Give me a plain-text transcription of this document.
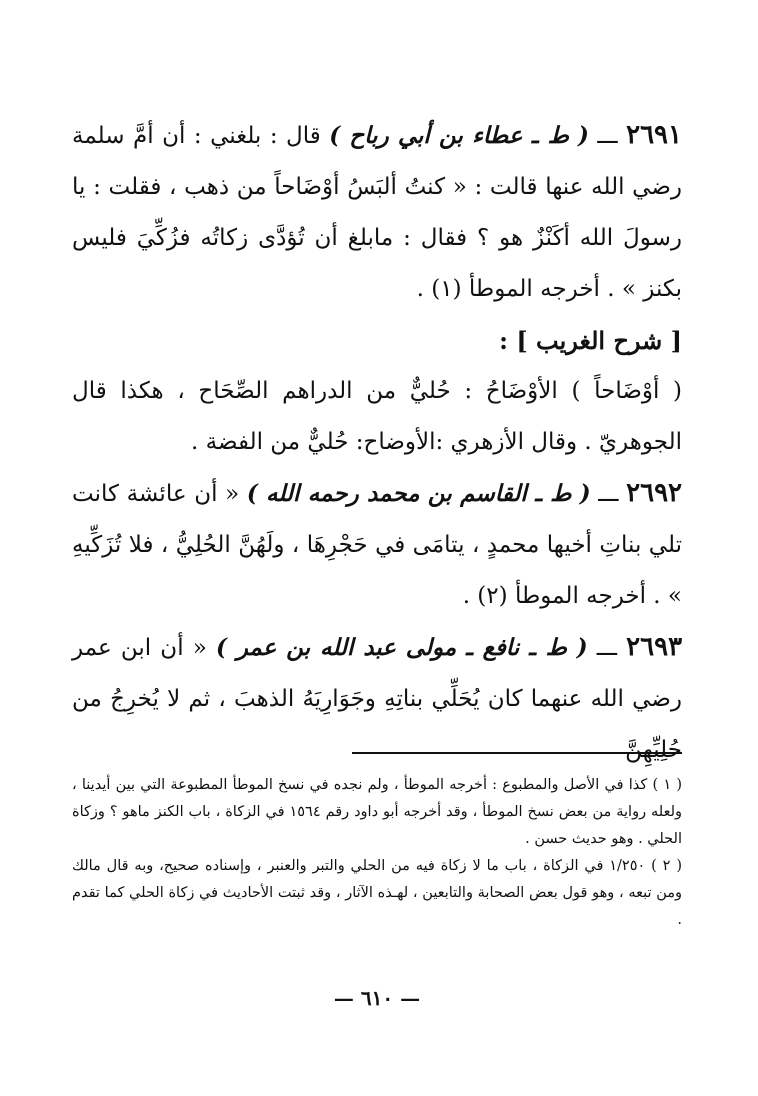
٢٦٩١ ـــ ( ط ـ عطاء بن أبي رباح ) قال : بلغني : أن أمَّ سلمة رضي الله عنها قالت : « كنتُ ألبَسُ أوْضَاحاً من ذهب ، فقلت : يا رسولَ الله أكَنْزٌ هو ؟ فقال : مابلغ أن تُؤدَّى زكاتُه فزُكِّيَ فليس بكنز » . أخرجه الموطأ (١) .

[ شرح الغريب ] :

( أوْضَاحاً ) الأوْضَاحُ : حُليٌّ من الدراهم الصِّحَاح ، هكذا قال الجوهريّ . وقال الأزهري :الأوضاح: حُليٌّ من الفضة .

٢٦٩٢ ـــ ( ط ـ القاسم بن محمد رحمه الله ) « أن عائشة كانت تلي بناتِ أخيها محمدٍ ، يتامَى في حَجْرِهَا ، ولَهُنَّ الحُلِيُّ ، فلا تُزَكِّيهِ » . أخرجه الموطأ (٢) .

٢٦٩٣ ـــ ( ط ـ نافع ـ مولى عبد الله بن عمر ) « أن ابن عمر رضي الله عنهما كان يُحَلِّي بناتِهِ وجَوَارِيَهُ الذهبَ ، ثم لا يُخرِجُ من حُلِيِّهِنَّ

( ١ ) كذا في الأصل والمطبوع : أخرجه الموطأ ، ولم نجده في نسخ الموطأ المطبوعة التي بين أيدينا ، ولعله رواية من بعض نسخ الموطأ ، وقد أخرجه أبو داود رقم ١٥٦٤ في الزكاة ، باب الكنز ماهو ؟ وزكاة الحلي . وهو حديث حسن .

( ٢ ) ١/٢٥٠ في الزكاة ، باب ما لا زكاة فيه من الحلي والتبر والعنبر ، وإسناده صحيح، وبه قال مالك ومن تبعه ، وهو قول بعض الصحابة والتابعين ، لهـذه الآثار ، وقد ثبتت الأحاديث في زكاة الحلي كما تقدم .

— ٦١٠ —
